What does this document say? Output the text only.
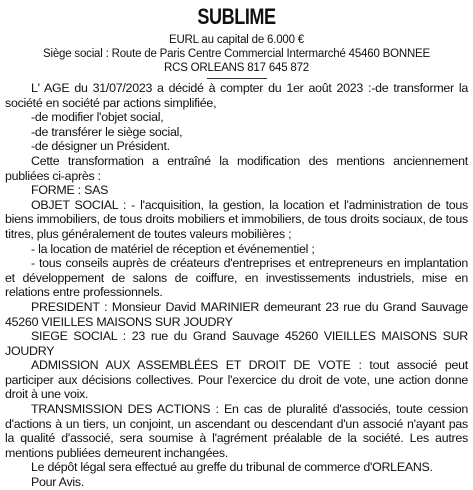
SUBLIME
EURL au capital de 6.000 €
Siège social : Route de Paris Centre Commercial Intermarché 45460 BONNEE
RCS ORLEANS 817 645 872

L' AGE du 31/07/2023 a décidé à compter du 1er août 2023 :-de transformer la société en société par actions simplifiée,

-de modifier l'objet social,

-de transférer le siège social,

-de désigner un Président.

Cette transformation a entraîné la modification des mentions anciennement publiées ci-après :

FORME : SAS

OBJET SOCIAL : - l'acquisition, la gestion, la location et l'administration de tous biens immobiliers, de tous droits mobiliers et immobiliers, de tous droits sociaux, de tous titres, plus généralement de toutes valeurs mobilières ;

- la location de matériel de réception et événementiel ;

- tous conseils auprès de créateurs d'entreprises et entrepreneurs en implantation et développement de salons de coiffure, en investissements industriels, mise en relations entre professionnels.

PRESIDENT : Monsieur David MARINIER demeurant 23 rue du Grand Sauvage 45260 VIEILLES MAISONS SUR JOUDRY

SIEGE SOCIAL : 23 rue du Grand Sauvage 45260 VIEILLES MAISONS SUR JOUDRY

ADMISSION AUX ASSEMBLÉES ET DROIT DE VOTE : tout associé peut participer aux décisions collectives. Pour l'exercice du droit de vote, une action donne droit à une voix.

TRANSMISSION DES ACTIONS : En cas de pluralité d'associés, toute cession d'actions à un tiers, un conjoint, un ascendant ou descendant d'un associé n'ayant pas la qualité d'associé, sera soumise à l'agrément préalable de la société. Les autres mentions publiées demeurent inchangées.

Le dépôt légal sera effectué au greffe du tribunal de commerce d'ORLEANS.

Pour Avis.
